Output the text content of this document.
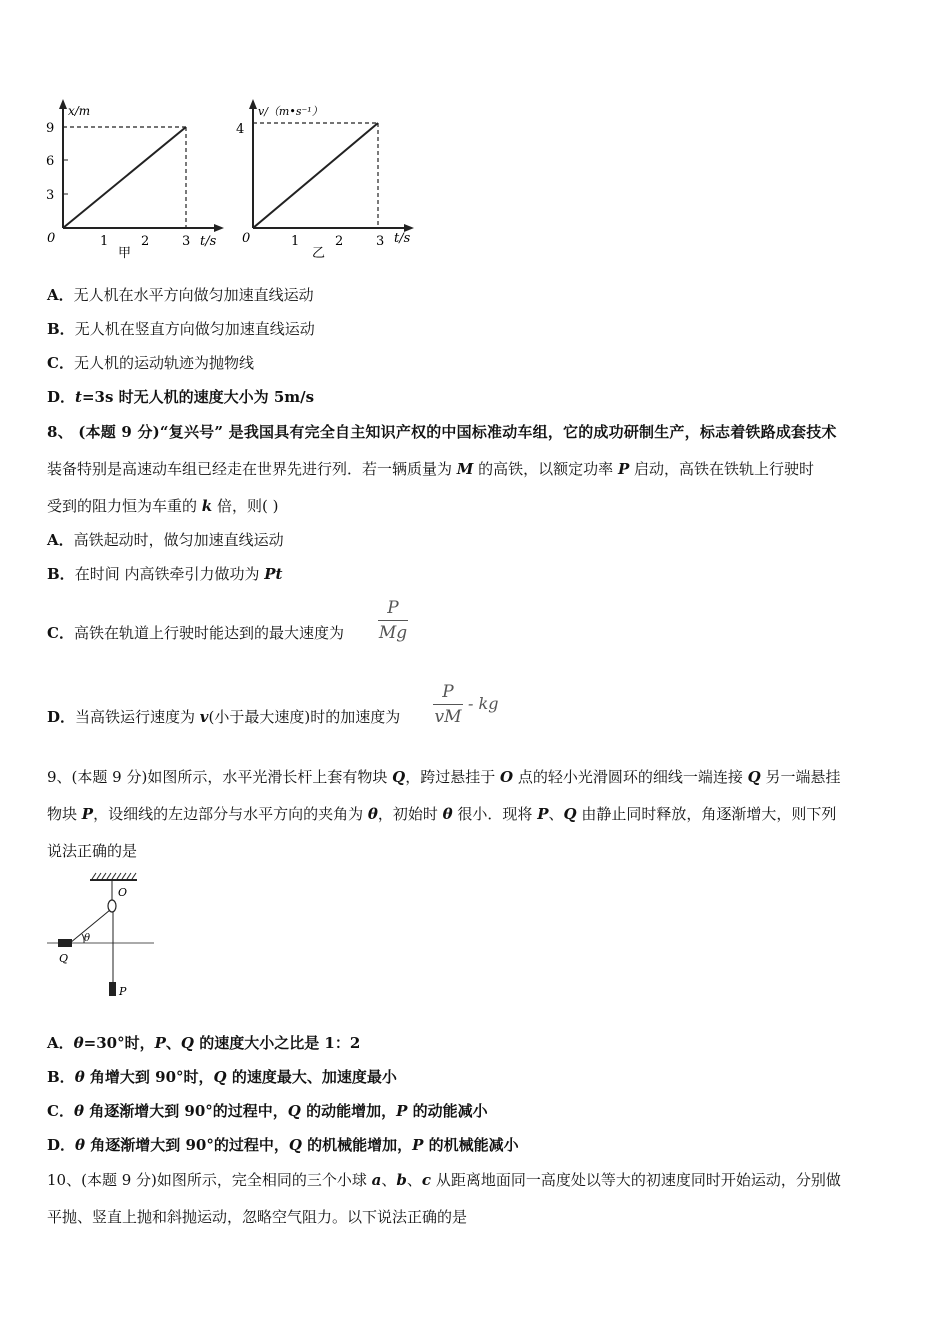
x/m
9
6
3
0	1	2	3 t/s
甲
v/（m•s⁻¹）
4
0	1	2	3 t/s
乙
A．无人机在水平方向做匀加速直线运动
B．无人机在竖直方向做匀加速直线运动
C．无人机的运动轨迹为抛物线
D．t=3s 时无人机的速度大小为 5m/s
8、 (本题 9 分)“复兴号” 是我国具有完全自主知识产权的中国标准动车组，它的成功研制生产，标志着铁路成套技术
装备特别是高速动车组已经走在世界先进行列．若一辆质量为 M 的高铁，以额定功率 P 启动，高铁在铁轨上行驶时
受到的阻力恒为车重的 k 倍，则( )
A．高铁起动时，做匀加速直线运动
B．在时间 内高铁牵引力做功为 Pt
C．高铁在轨道上行驶时能达到的最大速度为
P
Mg
D．当高铁运行速度为 v(小于最大速度)时的加速度为
P
vM
- kg
9、(本题 9 分)如图所示，水平光滑长杆上套有物块 Q，跨过悬挂于 O 点的轻小光滑圆环的细线一端连接 Q 另一端悬挂
物块 P，设细线的左边部分与水平方向的夹角为 θ，初始时 θ 很小．现将 P、Q 由静止同时释放，角逐渐增大，则下列
说法正确的是
O
Q
θ
P
A．θ=30°时，P、Q 的速度大小之比是 1：2
B．θ 角增大到 90°时，Q 的速度最大、加速度最小
C．θ 角逐渐增大到 90°的过程中，Q 的动能增加，P 的动能减小
D．θ 角逐渐增大到 90°的过程中，Q 的机械能增加，P 的机械能减小
10、(本题 9 分)如图所示，完全相同的三个小球 a、b、c 从距离地面同一高度处以等大的初速度同时开始运动，分别做
平抛、竖直上抛和斜抛运动，忽略空气阻力。以下说法正确的是
